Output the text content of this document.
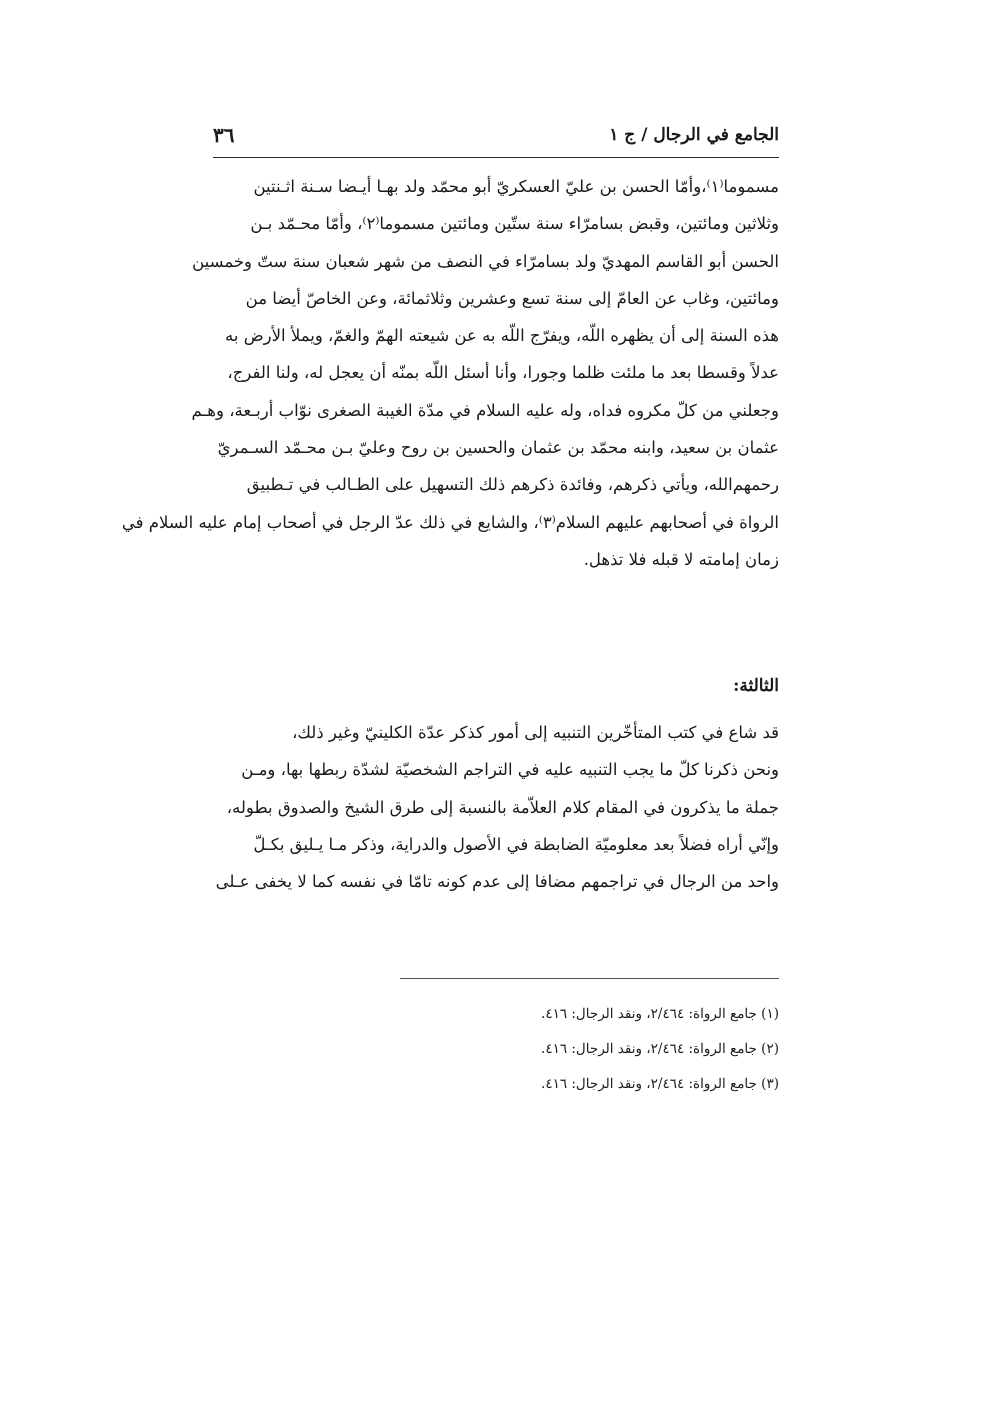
الجامع في الرجال / ج ١
٣٦
مسموما⁽١⁾،وأمّا الحسن بن عليّ العسكريّ أبو محمّد ولد بهـا أيـضا سـنة اثـنتين
وثلاثين ومائتين، وقبض بسامرّاء سنة ستّين ومائتين مسموما⁽٢⁾، وأمّا محـمّد بـن
الحسن أبو القاسم المهديّ ولد بسامرّاء في النصف من شهر شعبان سنة ستّ وخمسين
ومائتين، وغاب عن العامّ إلى سنة تسع وعشرين وثلاثمائة، وعن الخاصّ أيضا من
هذه السنة إلى أن يظهره اللّه، ويفرّج اللّه به عن شيعته الهمّ والغمّ، ويملأ الأرض به
عدلاً وقسطا بعد ما ملئت ظلما وجورا، وأنا أسئل اللّه بمنّه أن يعجل له، ولنا الفرج،
وجعلني من كلّ مكروه فداه، وله عليه السلام في مدّة الغيبة الصغرى نوّاب أربـعة، وهـم
عثمان بن سعيد، وابنه محمّد بن عثمان والحسين بن روح وعليّ بـن محـمّد السـمريّ
رحمهم‌الله، ويأتي ذكرهم، وفائدة ذكرهم ذلك التسهيل على الطـالب في تـطبيق
الرواة في أصحابهم عليهم السلام⁽٣⁾، والشايع في ذلك عدّ الرجل في أصحاب إمام عليه السلام في
زمان إمامته لا قبله فلا تذهل.
الثالثة:
قد شاع في كتب المتأخّرين التنبيه إلى أمور كذكر عدّة الكلينيّ وغير ذلك،
ونحن ذكرنا كلّ ما يجب التنبيه عليه في التراجم الشخصيّة لشدّة ربطها بها، ومـن
جملة ما يذكرون في المقام كلام العلاّمة بالنسبة إلى طرق الشيخ والصدوق بطوله،
وإنّي أراه فضلاً بعد معلوميّة الضابطة في الأصول والدراية، وذكر مـا يـليق بكـلّ
واحد من الرجال في تراجمهم مضافا إلى عدم كونه تامّا في نفسه كما لا يخفى عـلى
(١) جامع الرواة: ٢/٤٦٤، ونقد الرجال: ٤١٦.
(٢) جامع الرواة: ٢/٤٦٤، ونقد الرجال: ٤١٦.
(٣) جامع الرواة: ٢/٤٦٤، ونقد الرجال: ٤١٦.
